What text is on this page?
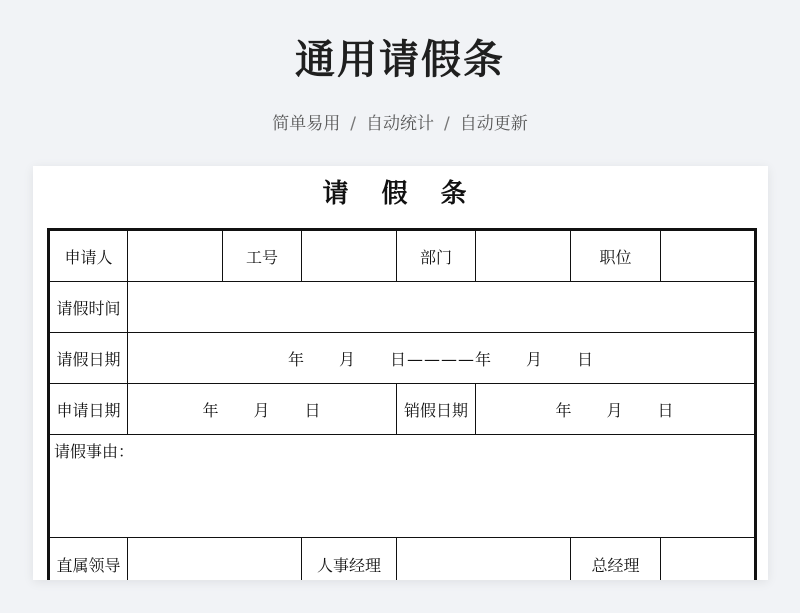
通用请假条
简单易用 / 自动统计 / 自动更新
请 假 条
申请人		工号		部门		职位	
请假时间							
请假日期	年　　月　　日————年　　月　　日						
申请日期	年　　月　　日			销假日期	年　　月　　日		

请假事由：							

直属领导			人事经理			总经理	
